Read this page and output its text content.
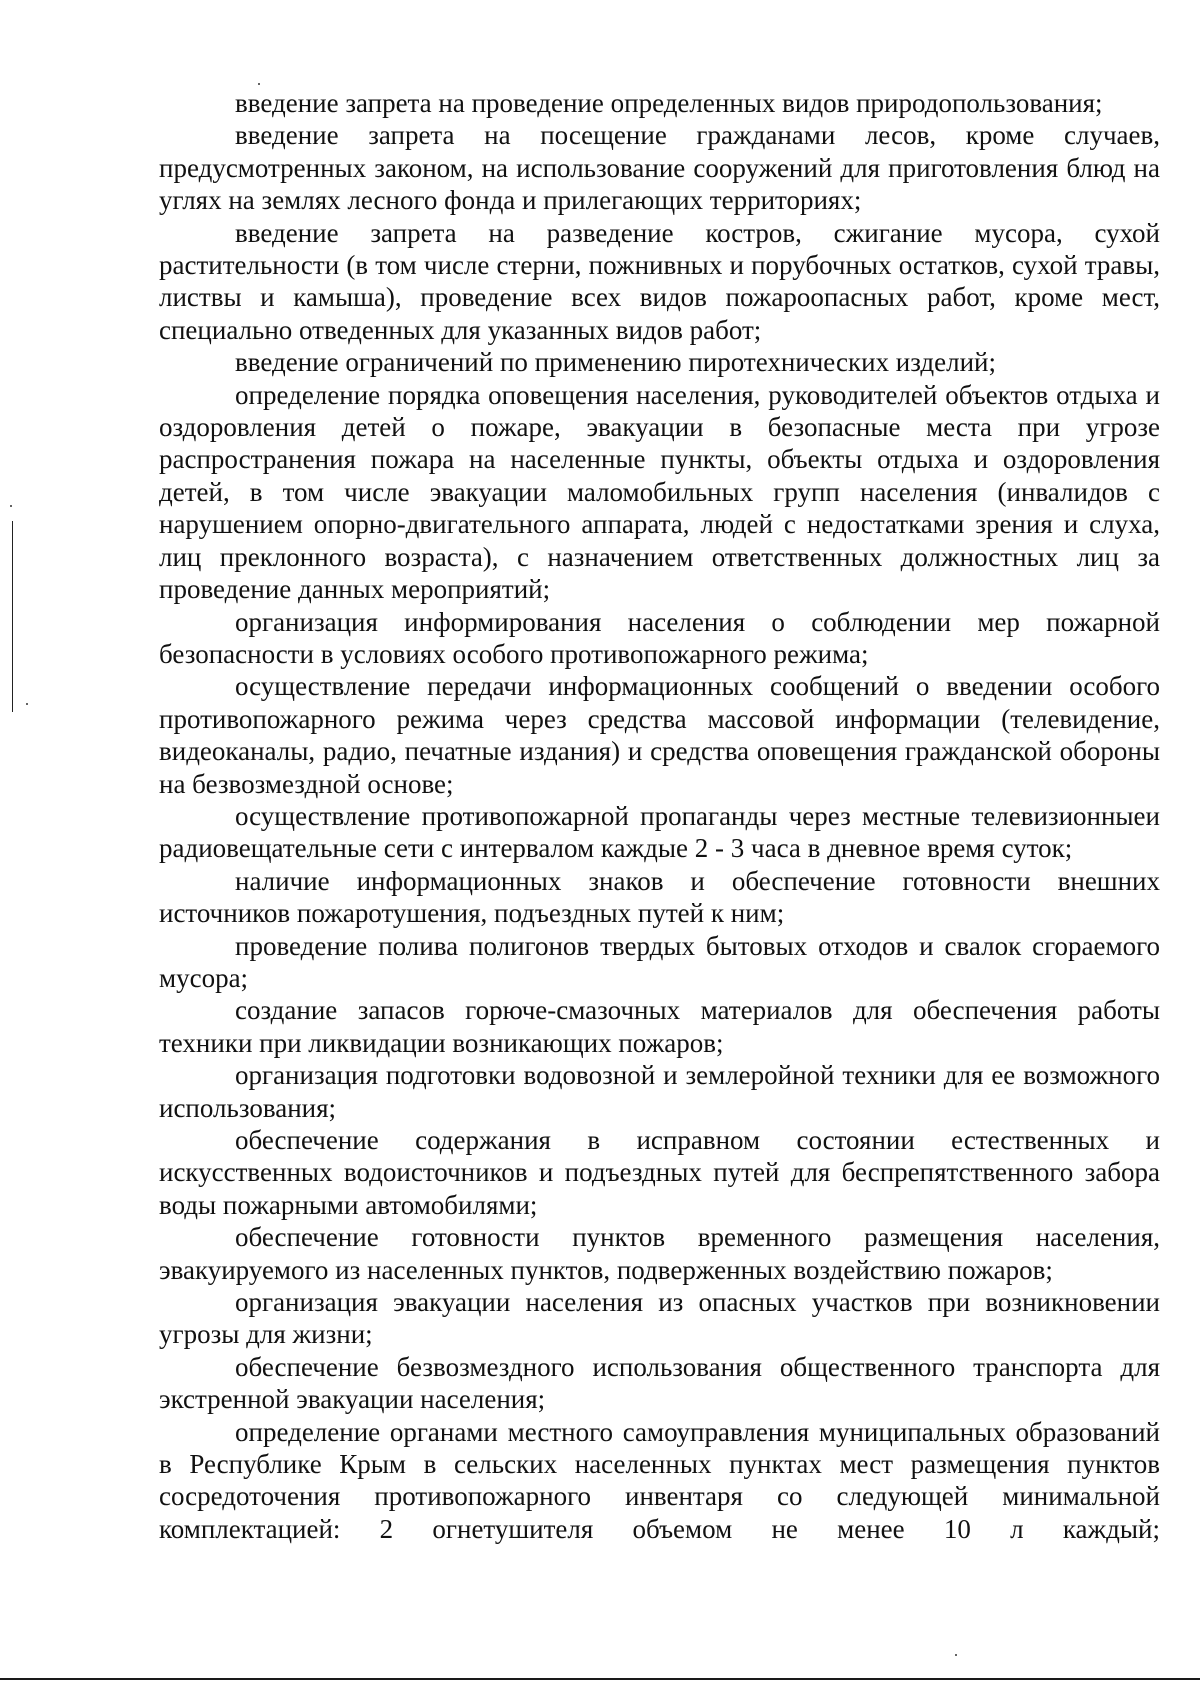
введение запрета на проведение определенных видов природопользования;

введение запрета на посещение гражданами лесов, кроме случаев, предусмотренных законом, на использование сооружений для приготовления блюд на углях на землях лесного фонда и прилегающих территориях;

введение запрета на разведение костров, сжигание мусора, сухой растительности (в том числе стерни, пожнивных и порубочных остатков, сухой травы, листвы и камыша), проведение всех видов пожароопасных работ, кроме мест, специально отведенных для указанных видов работ;

введение ограничений по применению пиротехнических изделий;

определение порядка оповещения населения, руководителей объектов отдыха и оздоровления детей о пожаре, эвакуации в безопасные места при угрозе распространения пожара на населенные пункты, объекты отдыха и оздоровления детей, в том числе эвакуации маломобильных групп населения (инвалидов с нарушением опорно-двигательного аппарата, людей с недостатками зрения и слуха, лиц преклонного возраста), с назначением ответственных должностных лиц за проведение данных мероприятий;

организация информирования населения о соблюдении мер пожарной безопасности в условиях особого противопожарного режима;

осуществление передачи информационных сообщений о введении особого противопожарного режима через средства массовой информации (телевидение, видеоканалы, радио, печатные издания) и средства оповещения гражданской обороны на безвозмездной основе;

осуществление противопожарной пропаганды через местные телевизионныеи радиовещательные сети с интервалом каждые 2 - 3 часа в дневное время суток;

наличие информационных знаков и обеспечение готовности внешних источников пожаротушения, подъездных путей к ним;

проведение полива полигонов твердых бытовых отходов и свалок сгораемого мусора;

создание запасов горюче-смазочных материалов для обеспечения работы техники при ликвидации возникающих пожаров;

организация подготовки водовозной и землеройной техники для ее возможного использования;

обеспечение содержания в исправном состоянии естественных и искусственных водоисточников и подъездных путей для беспрепятственного забора воды пожарными автомобилями;

обеспечение готовности пунктов временного размещения населения, эвакуируемого из населенных пунктов, подверженных воздействию пожаров;

организация эвакуации населения из опасных участков при возникновении угрозы для жизни;

обеспечение безвозмездного использования общественного транспорта для экстренной эвакуации населения;

определение органами местного самоуправления муниципальных образований в Республике Крым в сельских населенных пунктах мест размещения пунктов сосредоточения противопожарного инвентаря со следующей минимальной комплектацией: 2 огнетушителя объемом не менее 10 л каждый;
